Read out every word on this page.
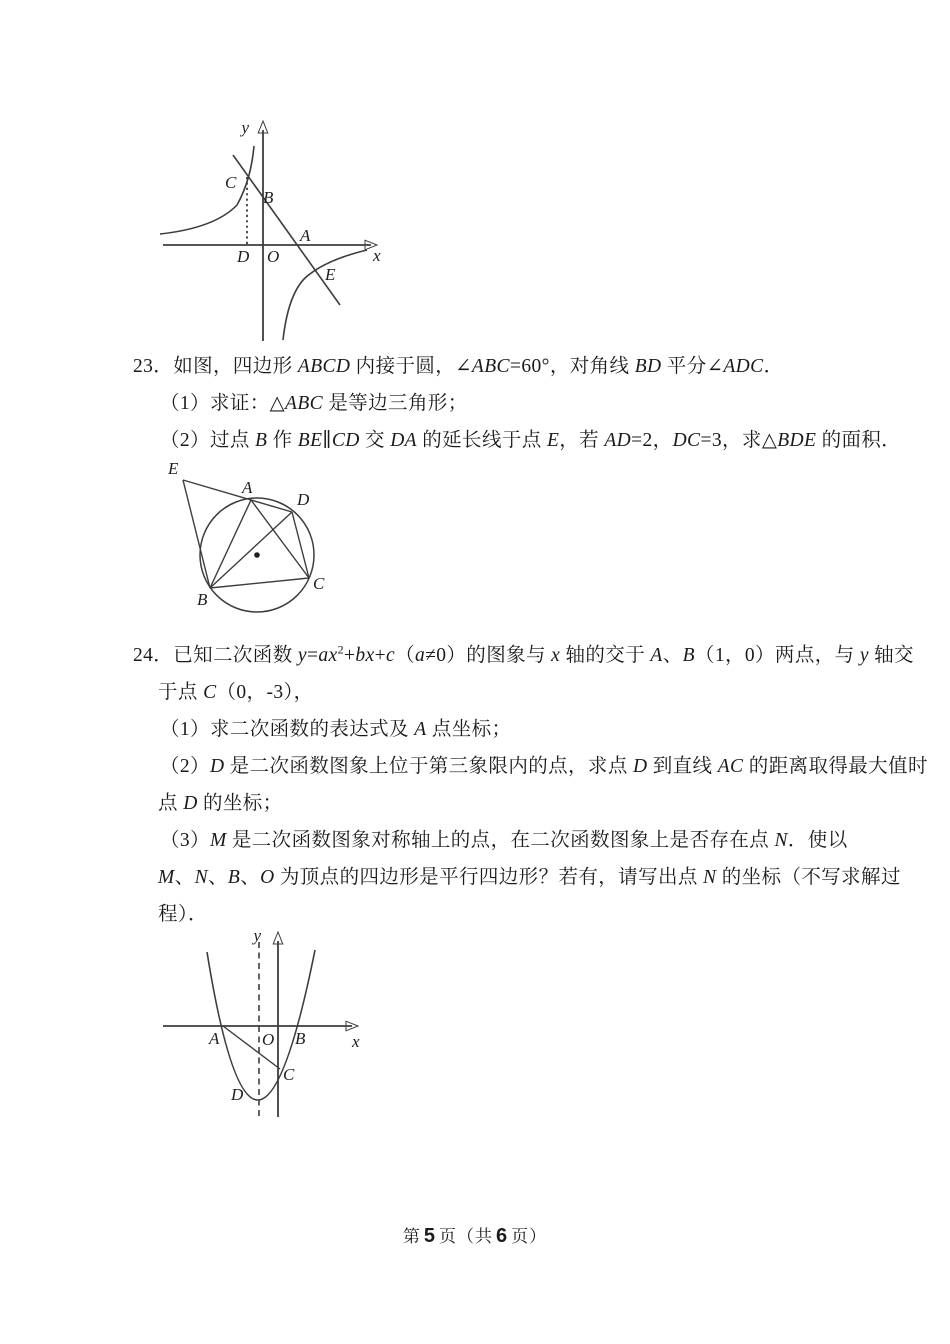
y
x
C
B
A
D O
E
23．如图，四边形 ABCD 内接于圆，∠ABC=60°，对角线 BD 平分∠ADC．
（1）求证：△ABC 是等边三角形；
（2）过点 B 作 BE∥CD 交 DA 的延长线于点 E，若 AD=2，DC=3，求△BDE 的面积．
E
A
D
C
B
24．已知二次函数 $y=ax^2+bx+c(a\ne 0)$的图象与 x 轴的交于 A、B（1，0）两点，与 y 轴交
于点 C（0，-3），
（1）求二次函数的表达式及 A 点坐标；
（2）D 是二次函数图象上位于第三象限内的点，求点 D 到直线 AC 的距离取得最大值时
点 D 的坐标；
（3）M 是二次函数图象对称轴上的点，在二次函数图象上是否存在点 N．使以
M、N、B、O 为顶点的四边形是平行四边形？若有，请写出点 N 的坐标（不写求解过
程）．
y
x
A	O B
C
D
第 5 页（共 6 页）
